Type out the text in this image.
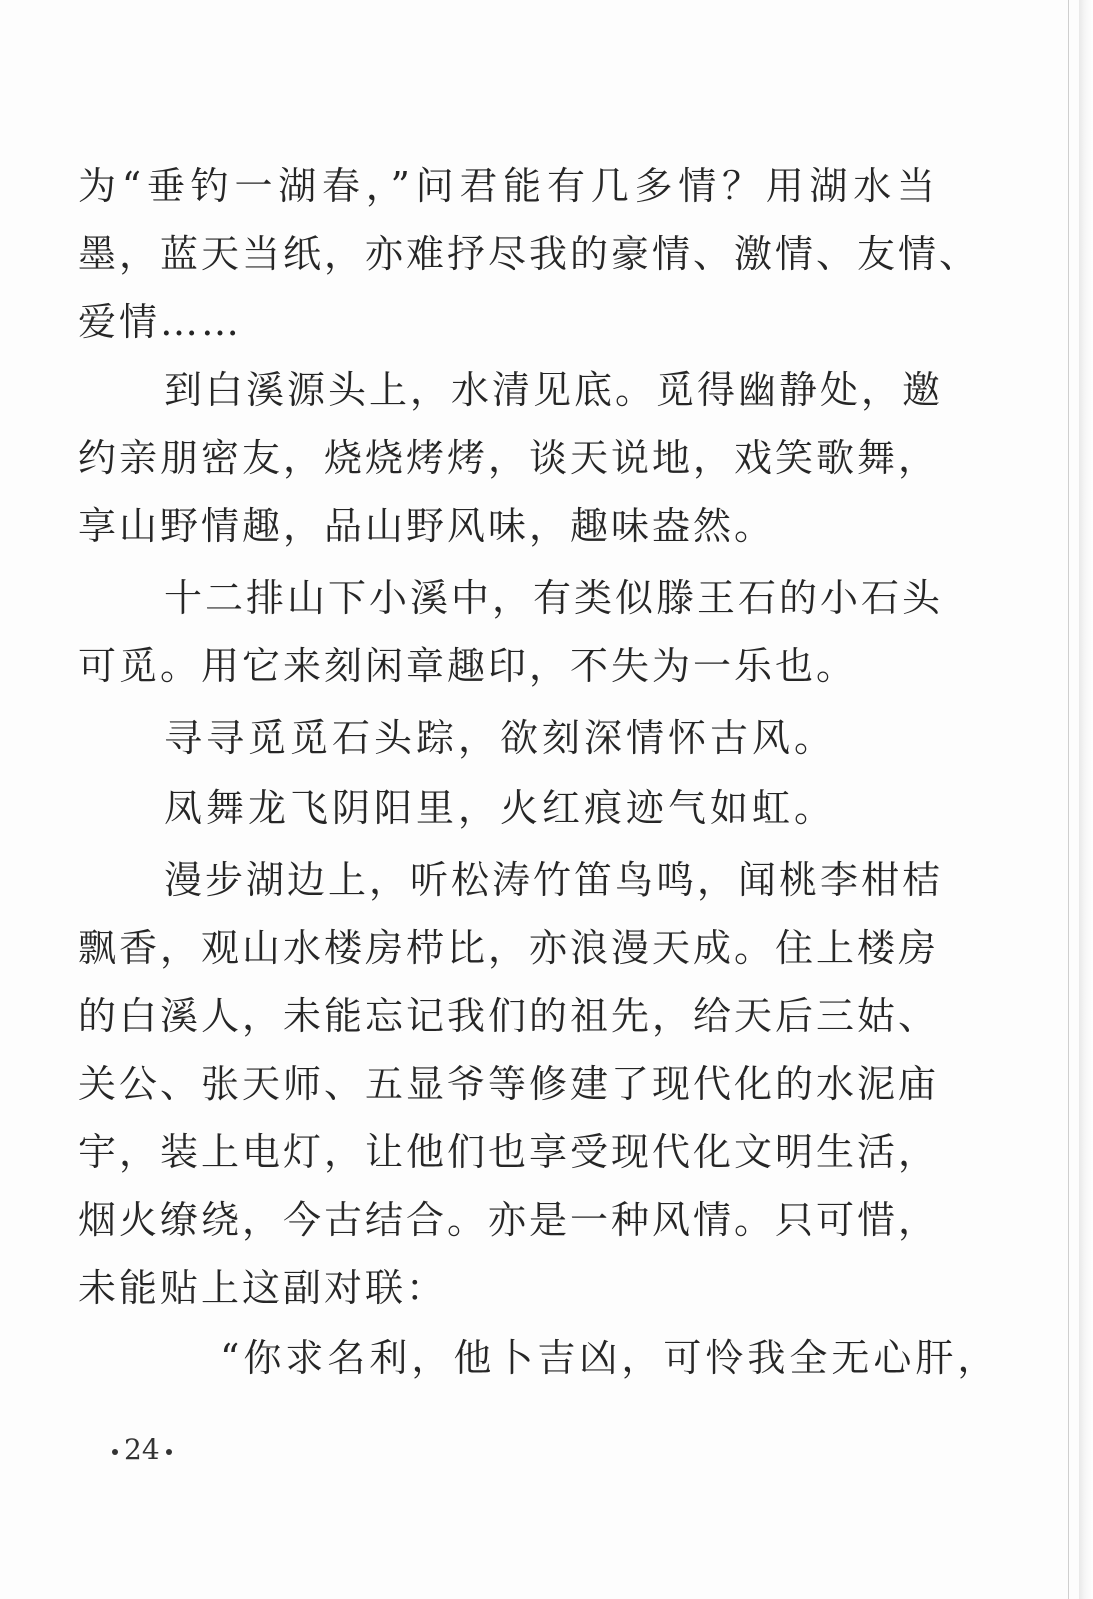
为“垂钓一湖春，”问君能有几多情？用湖水当
墨，蓝天当纸，亦难抒尽我的豪情、激情、友情、
爱情……
到白溪源头上，水清见底。觅得幽静处，邀
约亲朋密友，烧烧烤烤，谈天说地，戏笑歌舞，
享山野情趣，品山野风味，趣味盎然。
十二排山下小溪中，有类似滕王石的小石头
可觅。用它来刻闲章趣印，不失为一乐也。
寻寻觅觅石头踪，欲刻深情怀古风。
凤舞龙飞阴阳里，火红痕迹气如虹。
漫步湖边上，听松涛竹笛鸟鸣，闻桃李柑桔
飘香，观山水楼房栉比，亦浪漫天成。住上楼房
的白溪人，未能忘记我们的祖先，给天后三姑、
关公、张天师、五显爷等修建了现代化的水泥庙
宇，装上电灯，让他们也享受现代化文明生活，
烟火缭绕，今古结合。亦是一种风情。只可惜，
未能贴上这副对联：
“你求名利，他卜吉凶，可怜我全无心肝，
24
